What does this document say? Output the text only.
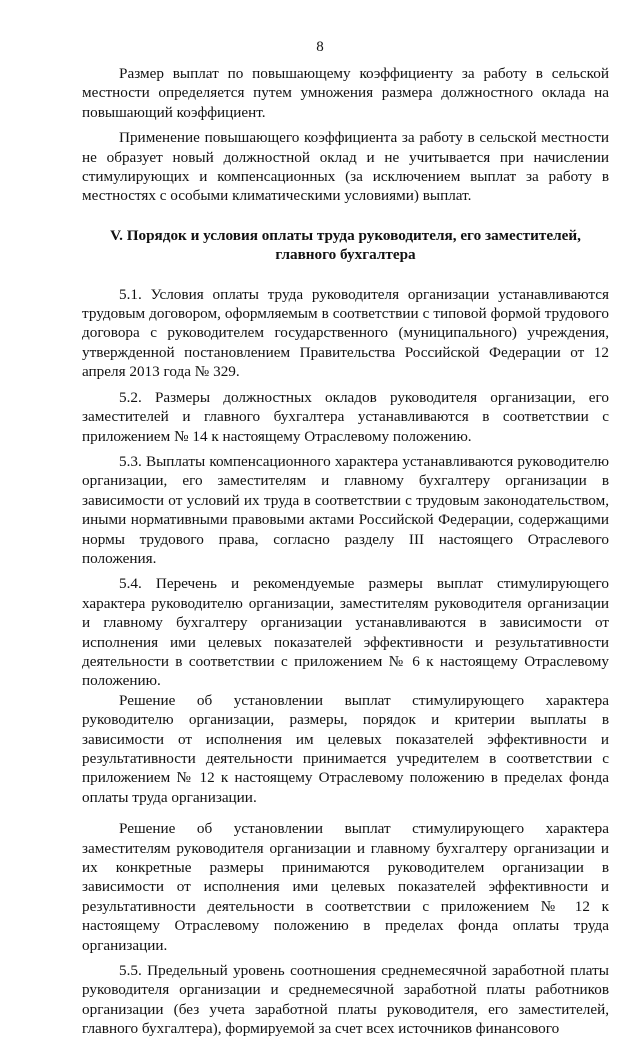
8

Размер выплат по повышающему коэффициенту за работу в сельской местности определяется путем умножения размера должностного оклада на повышающий коэффициент.

Применение повышающего коэффициента за работу в сельской местности не образует новый должностной оклад и не учитывается при начислении стимулирующих и компенсационных (за исключением выплат за работу в местностях с особыми климатическими условиями) выплат.

V. Порядок и условия оплаты труда руководителя, его заместителей,
главного бухгалтера

5.1. Условия оплаты труда руководителя организации устанавливаются трудовым договором, оформляемым в соответствии с типовой формой трудового договора с руководителем государственного (муниципального) учреждения, утвержденной постановлением Правительства Российской Федерации от 12 апреля 2013 года № 329.

5.2. Размеры должностных окладов руководителя организации, его заместителей и главного бухгалтера устанавливаются в соответствии с приложением № 14 к настоящему Отраслевому положению.

5.3. Выплаты компенсационного характера устанавливаются руководителю организации, его заместителям и главному бухгалтеру организации в зависимости от условий их труда в соответствии с трудовым законодательством, иными нормативными правовыми актами Российской Федерации, содержащими нормы трудового права, согласно разделу III настоящего Отраслевого положения.

5.4. Перечень и рекомендуемые размеры выплат стимулирующего характера руководителю организации, заместителям руководителя организации и главному бухгалтеру организации устанавливаются в зависимости от исполнения ими целевых показателей эффективности и результативности деятельности в соответствии с приложением № 6 к настоящему Отраслевому положению.

Решение об установлении выплат стимулирующего характера руководителю организации, размеры, порядок и критерии выплаты в зависимости от исполнения им целевых показателей эффективности и результативности деятельности принимается учредителем в соответствии с приложением № 12 к настоящему Отраслевому положению в пределах фонда оплаты труда организации.

Решение об установлении выплат стимулирующего характера заместителям руководителя организации и главному бухгалтеру организации и их конкретные размеры принимаются руководителем организации в зависимости от исполнения ими целевых показателей эффективности и результативности деятельности в соответствии с приложением № 12 к настоящему Отраслевому положению в пределах фонда оплаты труда организации.

5.5. Предельный уровень соотношения среднемесячной заработной платы руководителя организации и среднемесячной заработной платы работников организации (без учета заработной платы руководителя, его заместителей, главного бухгалтера), формируемой за счет всех источников финансового
